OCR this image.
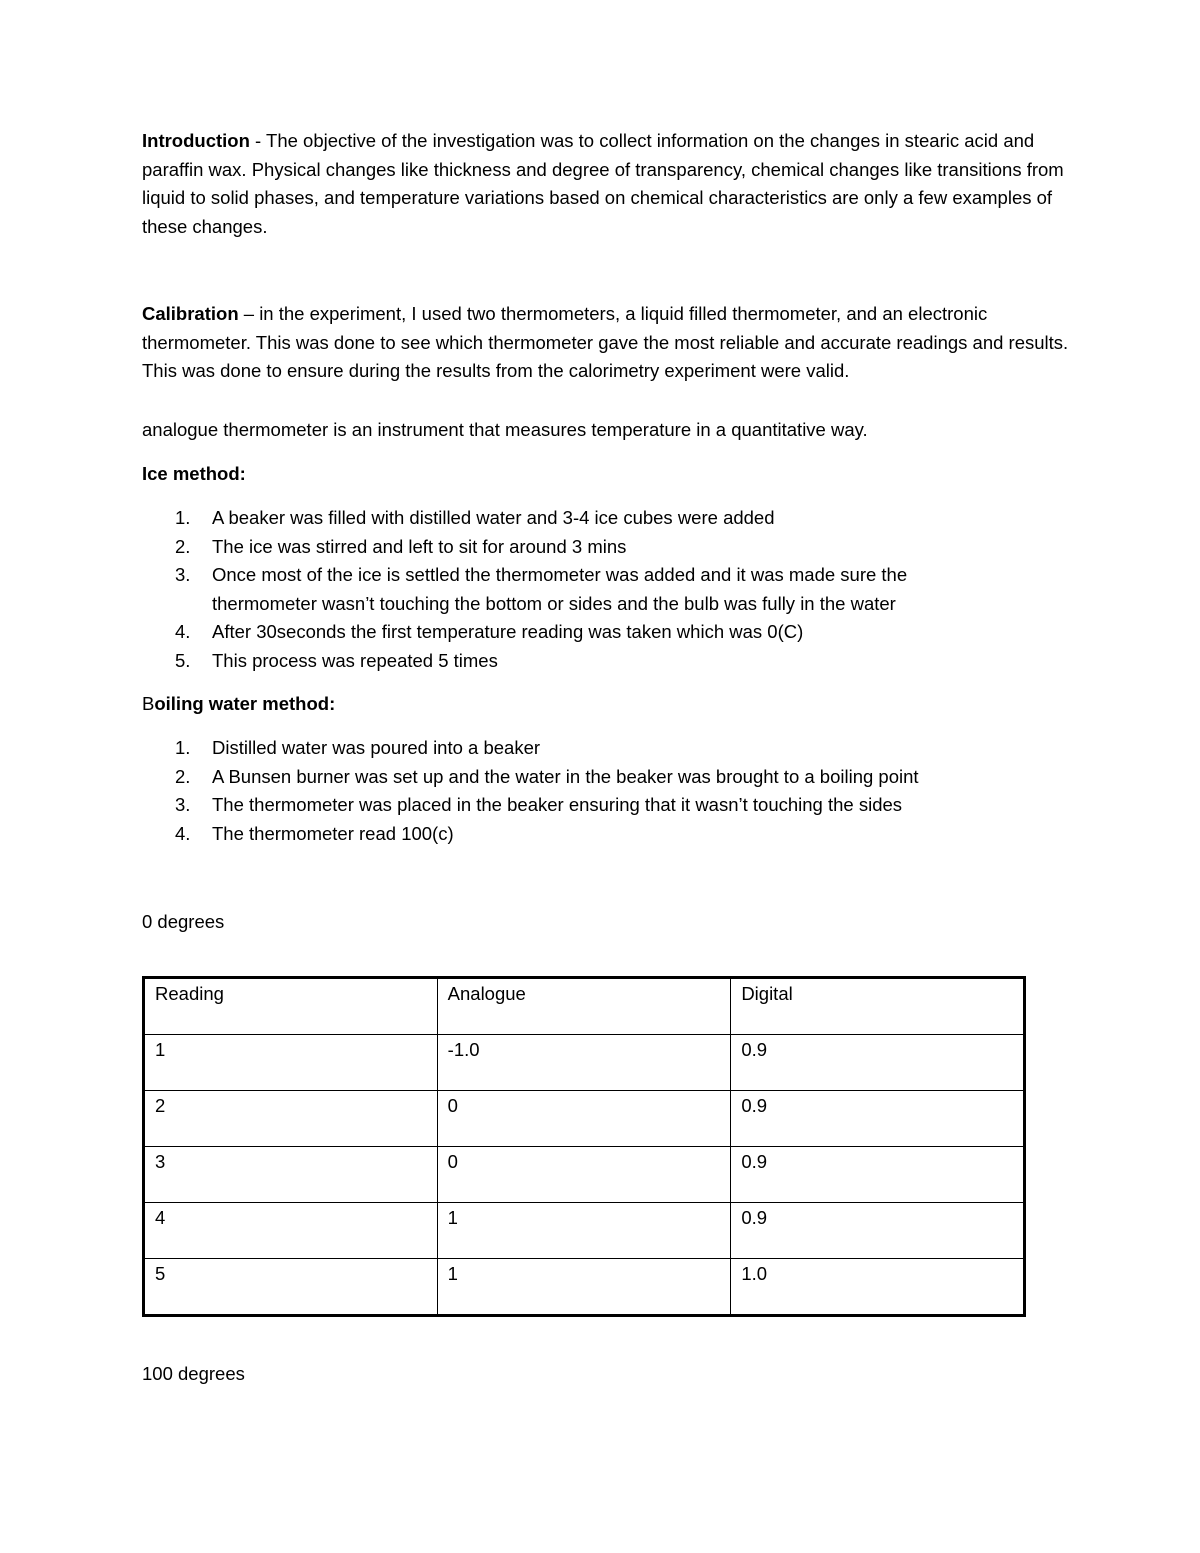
Introduction - The objective of the investigation was to collect information on the changes in stearic acid and paraffin wax. Physical changes like thickness and degree of transparency, chemical changes like transitions from liquid to solid phases, and temperature variations based on chemical characteristics are only a few examples of these changes.

Calibration – in the experiment, I used two thermometers, a liquid filled thermometer, and an electronic thermometer. This was done to see which thermometer gave the most reliable and accurate readings and results. This was done to ensure during the results from the calorimetry experiment were valid.

analogue thermometer is an instrument that measures temperature in a quantitative way.

Ice method:

1. A beaker was filled with distilled water and 3-4 ice cubes were added
2. The ice was stirred and left to sit for around 3 mins
3. Once most of the ice is settled the thermometer was added and it was made sure the thermometer wasn’t touching the bottom or sides and the bulb was fully in the water
4. After 30seconds the first temperature reading was taken which was 0(C)
5. This process was repeated 5 times

Boiling water method:

1. Distilled water was poured into a beaker
2. A Bunsen burner was set up and the water in the beaker was brought to a boiling point
3. The thermometer was placed in the beaker ensuring that it wasn’t touching the sides
4. The thermometer read 100(c)

0 degrees

Reading	Analogue	Digital
1	-1.0	0.9
2	0	0.9
3	0	0.9
4	1	0.9
5	1	1.0

100 degrees
